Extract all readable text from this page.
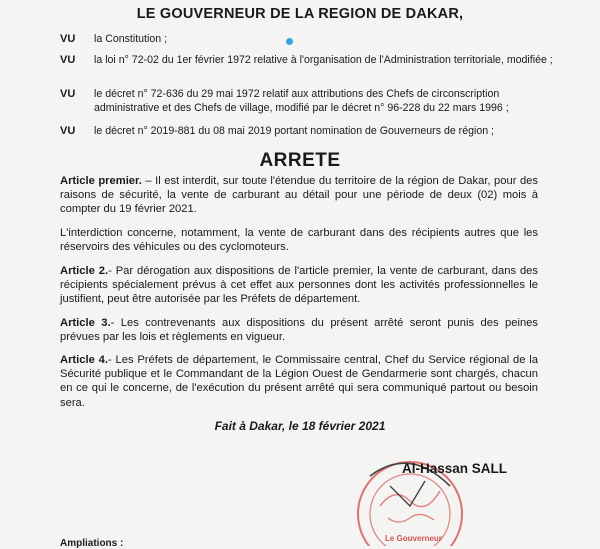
LE GOUVERNEUR DE LA REGION DE DAKAR,
VU la Constitution ;
VU la loi n° 72-02 du 1er février 1972 relative à l'organisation de l'Administration territoriale, modifiée ;
VU le décret n° 72-636 du 29 mai 1972 relatif aux attributions des Chefs de circonscription administrative et des Chefs de village, modifié par le décret n° 96-228 du 22 mars 1996 ;
VU le décret n° 2019-881 du 08 mai 2019 portant nomination de Gouverneurs de région ;
ARRETE
Article premier. – Il est interdit, sur toute l'étendue du territoire de la région de Dakar, pour des raisons de sécurité, la vente de carburant au détail pour une période de deux (02) mois à compter du 19 février 2021.
L'interdiction concerne, notamment, la vente de carburant dans des récipients autres que les réservoirs des véhicules ou des cyclomoteurs.
Article 2.- Par dérogation aux dispositions de l'article premier, la vente de carburant, dans des récipients spécialement prévus à cet effet aux personnes dont les activités professionnelles le justifient, peut être autorisée par les Préfets de département.
Article 3.- Les contrevenants aux dispositions du présent arrêté seront punis des peines prévues par les lois et règlements en vigueur.
Article 4.- Les Préfets de département, le Commissaire central, Chef du Service régional de la Sécurité publique et le Commandant de la Légion Ouest de Gendarmerie sont chargés, chacun en ce qui le concerne, de l'exécution du présent arrêté qui sera communiqué partout ou besoin sera.
Fait à Dakar, le 18 février 2021
Le Gouverneur
Al-Hassan SALL
Ampliations :
